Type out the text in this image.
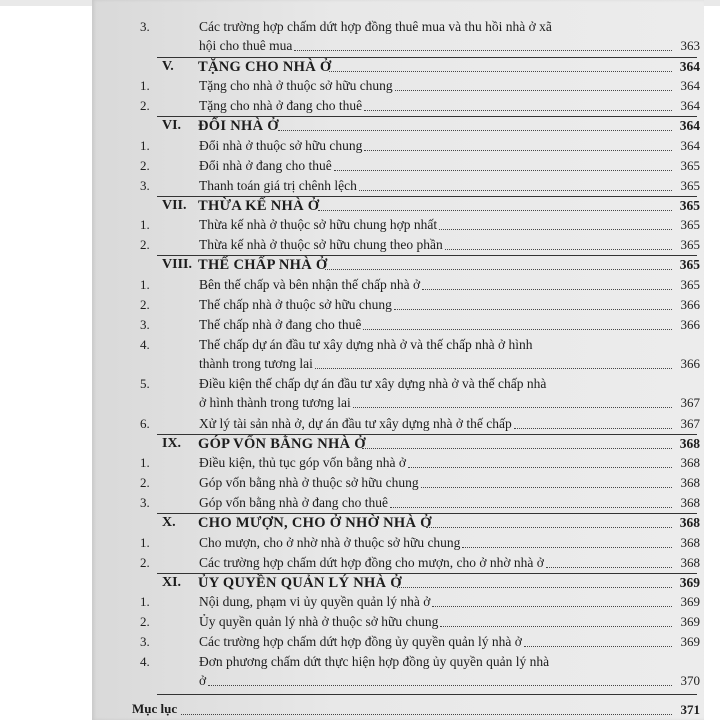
3.	Các trường hợp chấm dứt hợp đồng thuê mua và thu hồi nhà ở xã
hội cho thuê mua	363
V.	TẶNG CHO NHÀ Ở	364
1.	Tặng cho nhà ở thuộc sở hữu chung	364
2.	Tặng cho nhà ở đang cho thuê	364
VI.	ĐỔI NHÀ Ở	364
1.	Đổi nhà ở thuộc sở hữu chung	364
2.	Đổi nhà ở đang cho thuê	365
3.	Thanh toán giá trị chênh lệch	365
VII. THỪA KẾ NHÀ Ở	365
1.	Thừa kế nhà ở thuộc sở hữu chung hợp nhất	365
2.	Thừa kế nhà ở thuộc sở hữu chung theo phần	365
VIII. THẾ CHẤP NHÀ Ở	365
1.	Bên thế chấp và bên nhận thế chấp nhà ở	365
2.	Thế chấp nhà ở thuộc sở hữu chung	366
3.	Thế chấp nhà ở đang cho thuê	366
4.	Thế chấp dự án đầu tư xây dựng nhà ở và thế chấp nhà ở hình
thành trong tương lai	366
5.	Điều kiện thế chấp dự án đầu tư xây dựng nhà ở và thế chấp nhà
ở hình thành trong tương lai	367
6.	Xử lý tài sản nhà ở, dự án đầu tư xây dựng nhà ở thế chấp	367
IX.	GÓP VỐN BẰNG NHÀ Ở	368
1.	Điều kiện, thủ tục góp vốn bằng nhà ở	368
2.	Góp vốn bằng nhà ở thuộc sở hữu chung	368
3.	Góp vốn bằng nhà ở đang cho thuê	368
X.	CHO MƯỢN, CHO Ở NHỜ NHÀ Ở	368
1.	Cho mượn, cho ở nhờ nhà ở thuộc sở hữu chung	368
2.	Các trường hợp chấm dứt hợp đồng cho mượn, cho ở nhờ nhà ở	368
XI.	ỦY QUYỀN QUẢN LÝ NHÀ Ở	369
1.	Nội dung, phạm vi ủy quyền quản lý nhà ở	369
2.	Ủy quyền quản lý nhà ở thuộc sở hữu chung	369
3.	Các trường hợp chấm dứt hợp đồng ủy quyền quản lý nhà ở	369
4.	Đơn phương chấm dứt thực hiện hợp đồng ủy quyền quản lý nhà
ở	370
Mục lục	371
